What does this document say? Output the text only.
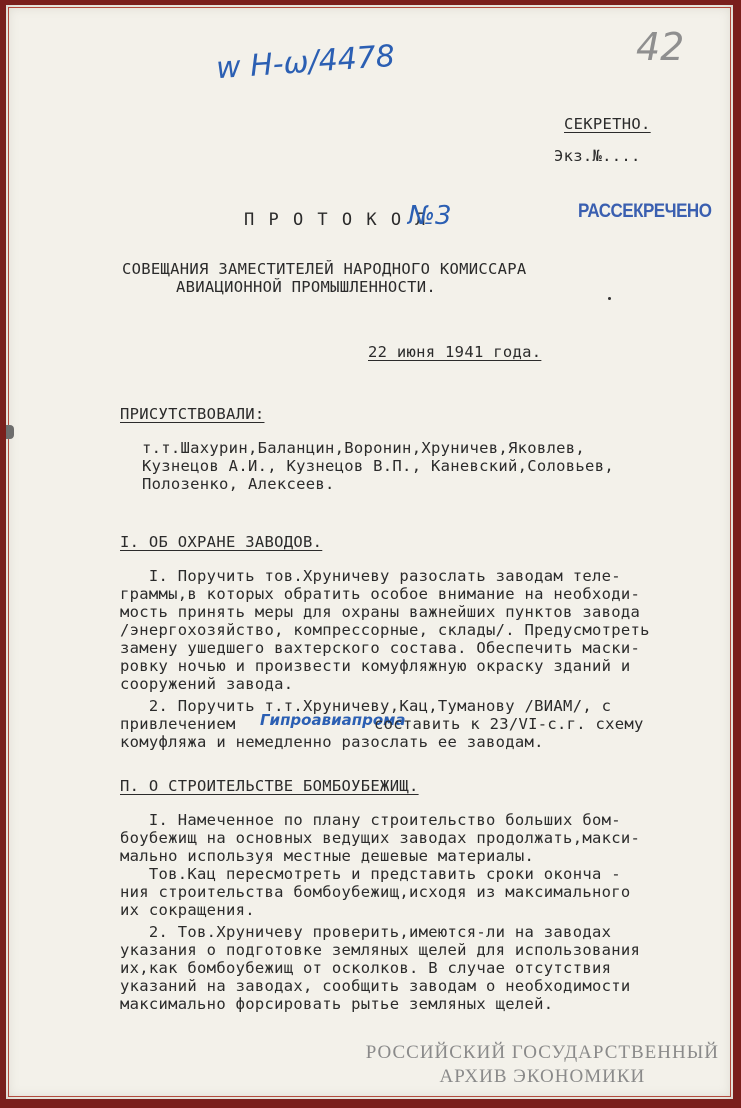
w H-ω/4478	42
СЕКРЕТНО.
Экз.№....
П Р О Т О К О Л
№3	РАССЕКРЕЧЕНО
СОВЕЩАНИЯ ЗАМЕСТИТЕЛЕЙ НАРОДНОГО КОМИССАРА
АВИАЦИОННОЙ ПРОМЫШЛЕННОСТИ.
22 июня 1941 года.
ПРИСУТСТВОВАЛИ:
т.т.Шахурин,Баланцин,Воронин,Хруничев,Яковлев,
Кузнецов А.И., Кузнецов В.П., Каневский,Соловьев,
Полозенко, Алексеев.
I. ОБ ОХРАНЕ ЗАВОДОВ.
I. Поручить тов.Хруничеву разослать заводам теле-
граммы,в которых обратить особое внимание на необходи-
мость принять меры для охраны важнейших пунктов завода
/энергохозяйство, компрессорные, склады/. Предусмотреть
замену ушедшего вахтерского состава. Обеспечить маски-
ровку ночью и произвести комуфляжную окраску зданий и
сооружений завода.
2. Поручить т.т.Хруничеву,Кац,Туманову /ВИАМ/, с
привлечением Гипроавиапрома
составить к 23/VI-с.г. схему
комуфляжа и немедленно разослать ее заводам.
П. О СТРОИТЕЛЬСТВЕ БОМБОУБЕЖИЩ.
I. Намеченное по плану строительство больших бом-
боубежищ на основных ведущих заводах продолжать,макси-
мально используя местные дешевые материалы.
Тов.Кац пересмотреть и представить сроки оконча -
ния строительства бомбоубежищ,исходя из максимального
их сокращения.
2. Тов.Хруничеву проверить,имеются-ли на заводах
указания о подготовке земляных щелей для использования
их,как бомбоубежищ от осколков. В случае отсутствия
указаний на заводах, сообщить заводам о необходимости
максимально форсировать рытье земляных щелей.
РОССИЙСКИЙ ГОСУДАРСТВЕННЫЙ
АРХИВ ЭКОНОМИКИ
